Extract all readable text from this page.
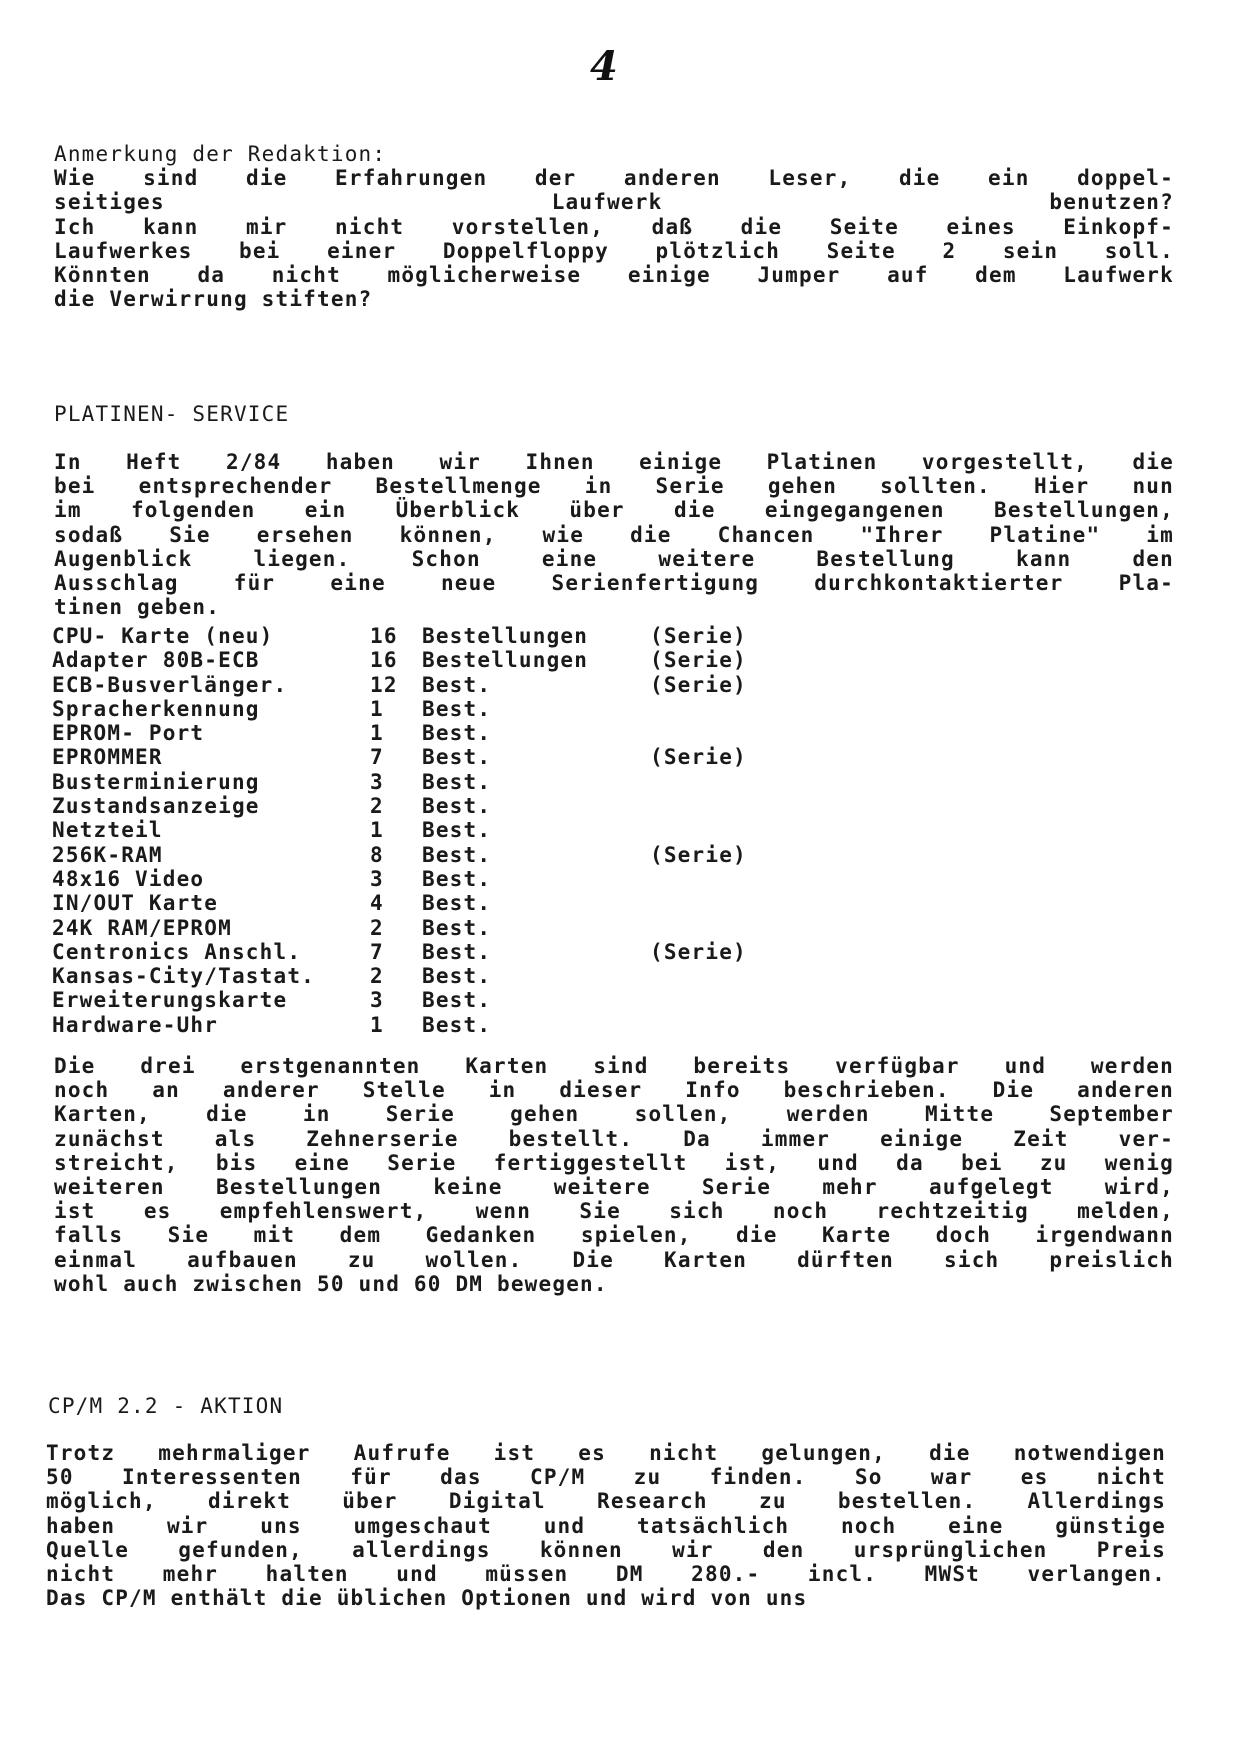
4
Anmerkung der Redaktion:
Wie sind die Erfahrungen der anderen Leser, die ein doppel-
seitiges Laufwerk benutzen?
Ich kann mir nicht vorstellen, daß die Seite eines Einkopf-
Laufwerkes bei einer Doppelfloppy plötzlich Seite 2 sein soll.
Könnten da nicht möglicherweise einige Jumper auf dem Laufwerk
die Verwirrung stiften?
PLATINEN- SERVICE
In Heft 2/84 haben wir Ihnen einige Platinen vorgestellt, die
bei entsprechender Bestellmenge in Serie gehen sollten. Hier nun
im folgenden ein Überblick über die eingegangenen Bestellungen,
sodaß Sie ersehen können, wie die Chancen "Ihrer Platine" im
Augenblick liegen. Schon eine weitere Bestellung kann den
Ausschlag für eine neue Serienfertigung durchkontaktierter Pla-
tinen geben.
CPU- Karte (neu)	16	Bestellungen	(Serie)
Adapter 80B-ECB	16	Bestellungen	(Serie)
ECB-Busverlänger.	12	Best.	(Serie)
Spracherkennung	1	Best.	
EPROM- Port	1	Best.	
EPROMMER	7	Best.	(Serie)
Busterminierung	3	Best.	
Zustandsanzeige	2	Best.	
Netzteil	1	Best.	
256K-RAM	8	Best.	(Serie)
48x16 Video	3	Best.	
IN/OUT Karte	4	Best.	
24K RAM/EPROM	2	Best.	
Centronics Anschl.	7	Best.	(Serie)
Kansas-City/Tastat.	2	Best.	
Erweiterungskarte	3	Best.	
Hardware-Uhr	1	Best.	
Die drei erstgenannten Karten sind bereits verfügbar und werden
noch an anderer Stelle in dieser Info beschrieben. Die anderen
Karten, die in Serie gehen sollen, werden Mitte September
zunächst als Zehnerserie bestellt. Da immer einige Zeit ver-
streicht, bis eine Serie fertiggestellt ist, und da bei zu wenig
weiteren Bestellungen keine weitere Serie mehr aufgelegt wird,
ist es empfehlenswert, wenn Sie sich noch rechtzeitig melden,
falls Sie mit dem Gedanken spielen, die Karte doch irgendwann
einmal aufbauen zu wollen. Die Karten dürften sich preislich
wohl auch zwischen 50 und 60 DM bewegen.
CP/M 2.2 - AKTION
Trotz mehrmaliger Aufrufe ist es nicht gelungen, die notwendigen
50 Interessenten für das CP/M zu finden. So war es nicht
möglich, direkt über Digital Research zu bestellen. Allerdings
haben wir uns umgeschaut und tatsächlich noch eine günstige
Quelle gefunden, allerdings können wir den ursprünglichen Preis
nicht mehr halten und müssen DM 280.- incl. MWSt verlangen.
Das CP/M enthält die üblichen Optionen und wird von uns
